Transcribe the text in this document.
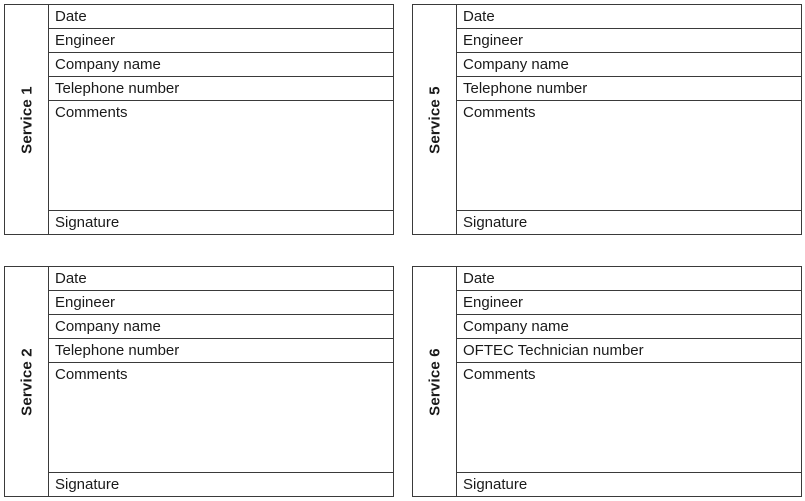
Service 1
Date
Engineer
Company name
Telephone number
Comments
Signature
Service 5
Date
Engineer
Company name
Telephone number
Comments
Signature
Service 2
Date
Engineer
Company name
Telephone number
Comments
Signature
Service 6
Date
Engineer
Company name
OFTEC Technician number
Comments
Signature
